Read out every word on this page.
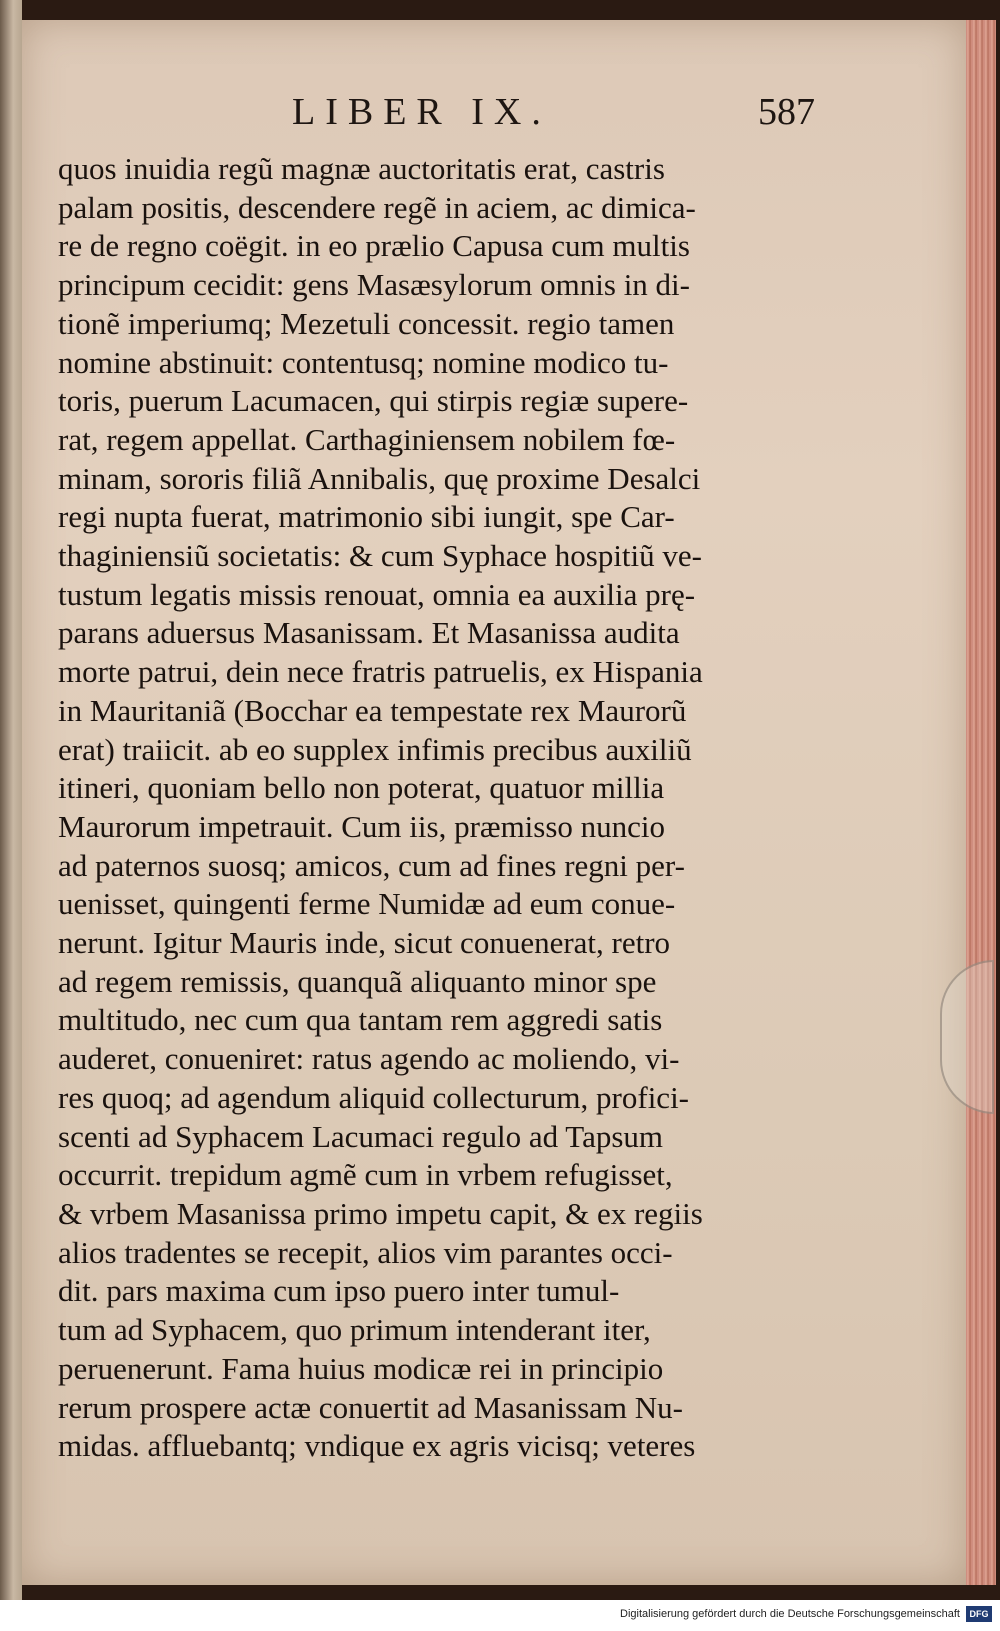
LIBER IX.	587
quos inuidia regũ magnæ auctoritatis erat, castris
palam positis, descendere regẽ in aciem, ac dimica-
re de regno coëgit. in eo prælio Capusa cum multis
principum cecidit: gens Masæsylorum omnis in di-
tionẽ imperiumq; Mezetuli concessit. regio tamen
nomine abstinuit: contentusq; nomine modico tu-
toris, puerum Lacumacen, qui stirpis regiæ supere-
rat, regem appellat. Carthaginiensem nobilem fœ-
minam, sororis filiã Annibalis, quę proxime Desalci
regi nupta fuerat, matrimonio sibi iungit, spe Car-
thaginiensiũ societatis: & cum Syphace hospitiũ ve-
tustum legatis missis renouat, omnia ea auxilia prę-
parans aduersus Masanissam. Et Masanissa audita
morte patrui, dein nece fratris patruelis, ex Hispania
in Mauritaniã (Bocchar ea tempestate rex Maurorũ
erat) traiicit. ab eo supplex infimis precibus auxiliũ
itineri, quoniam bello non poterat, quatuor millia
Maurorum impetrauit. Cum iis, præmisso nuncio
ad paternos suosq; amicos, cum ad fines regni per-
uenisset, quingenti ferme Numidæ ad eum conue-
nerunt. Igitur Mauris inde, sicut conuenerat, retro
ad regem remissis, quanquã aliquanto minor spe
multitudo, nec cum qua tantam rem aggredi satis
auderet, conueniret: ratus agendo ac moliendo, vi-
res quoq; ad agendum aliquid collecturum, profici-
scenti ad Syphacem Lacumaci regulo ad Tapsum
occurrit. trepidum agmẽ cum in vrbem refugisset,
& vrbem Masanissa primo impetu capit, & ex regiis
alios tradentes se recepit, alios vim parantes occi-
dit. pars maxima cum ipso puero inter tumul-
tum ad Syphacem, quo primum intenderant iter,
peruenerunt. Fama huius modicæ rei in principio
rerum prospere actæ conuertit ad Masanissam Nu-
midas. affluebantq; vndique ex agris vicisq; veteres
Digitalisierung gefördert durch die Deutsche Forschungsgemeinschaft	DFG
